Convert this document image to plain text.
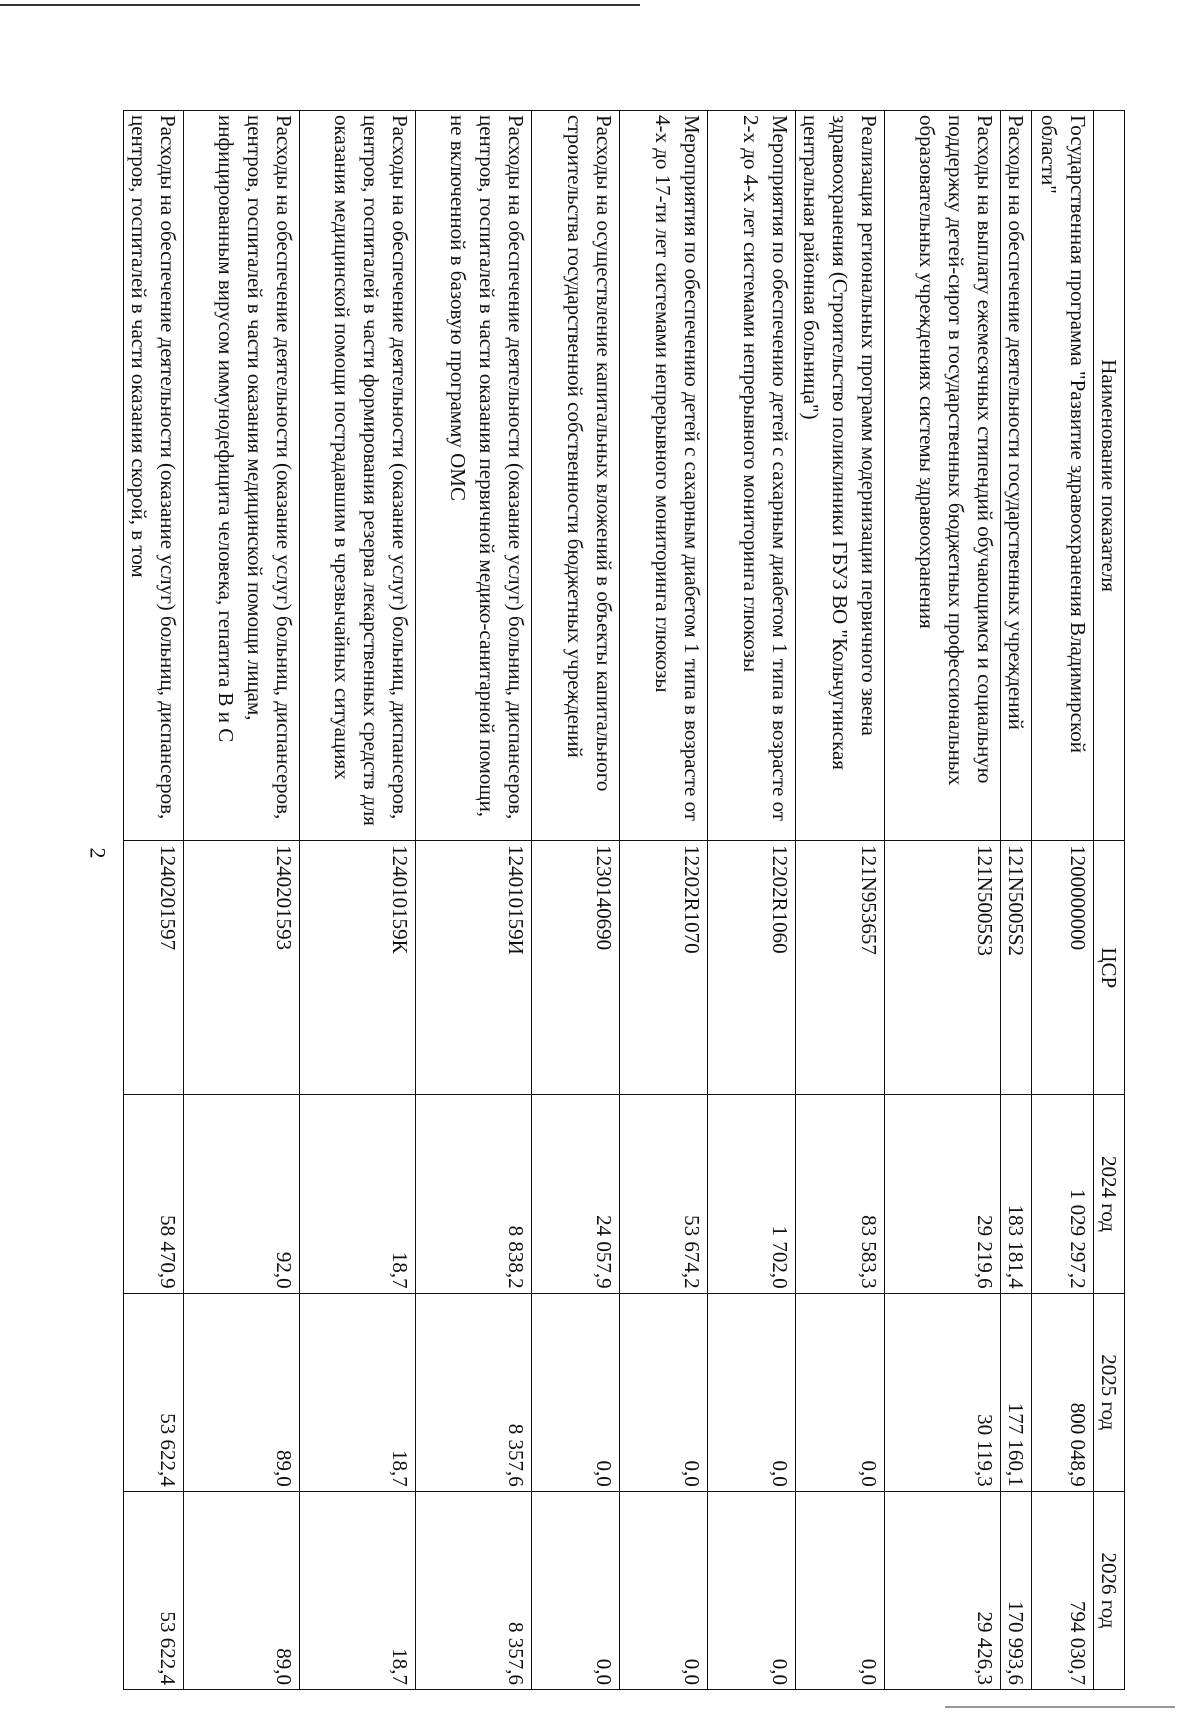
2
Наименование показателя	ЦСР	2024 год	2025 год	2026 год
Государственная программа "Развитие здравоохранения Владимирской области"	1200000000	1 029 297,2	800 048,9	794 030,7
Расходы на обеспечение деятельности государственных учреждений	121N5005S2	183 181,4	177 160,1	170 993,6
Расходы на выплату ежемесячных стипендий обучающимся и социальную поддержку детей-сирот в государственных бюджетных профессиональных образовательных учреждениях системы здравоохранения	121N5005S3	29 219,6	30 119,3	29 426,3
Реализация региональных программ модернизации первичного звена здравоохранения (Строительство поликлиники ГБУЗ ВО "Кольчугинская центральная районная больница")	121N953657	83 583,3	0,0	0,0
Мероприятия по обеспечению детей с сахарным диабетом 1 типа в возрасте от 2-х до 4-х лет системами непрерывного мониторинга глюкозы	12202R1060	1 702,0	0,0	0,0
Мероприятия по обеспечению детей с сахарным диабетом 1 типа в возрасте от 4-х до 17-ти лет системами непрерывного мониторинга глюкозы	12202R1070	53 674,2	0,0	0,0
Расходы на осуществление капитальных вложений в объекты капитального строительства государственной собственности бюджетных учреждений	1230140690	24 057,9	0,0	0,0
Расходы на обеспечение деятельности (оказание услуг) больниц, диспансеров, центров, госпиталей в части оказания первичной медико-санитарной помощи, не включенной в базовую программу ОМС	124010159И	8 838,2	8 357,6	8 357,6
Расходы на обеспечение деятельности (оказание услуг) больниц, диспансеров, центров, госпиталей в части формирования резерва лекарственных средств для оказания медицинской помощи пострадавшим в чрезвычайных ситуациях	124010159К	18,7	18,7	18,7
Расходы на обеспечение деятельности (оказание услуг) больниц, диспансеров, центров, госпиталей в части оказания медицинской помощи лицам, инфицированным вирусом иммунодефицита человека, гепатита В и С	1240201593	92,0	89,0	89,0
Расходы на обеспечение деятельности (оказание услуг) больниц, диспансеров, центров, госпиталей в части оказания скорой, в том	1240201597	58 470,9	53 622,4	53 622,4
